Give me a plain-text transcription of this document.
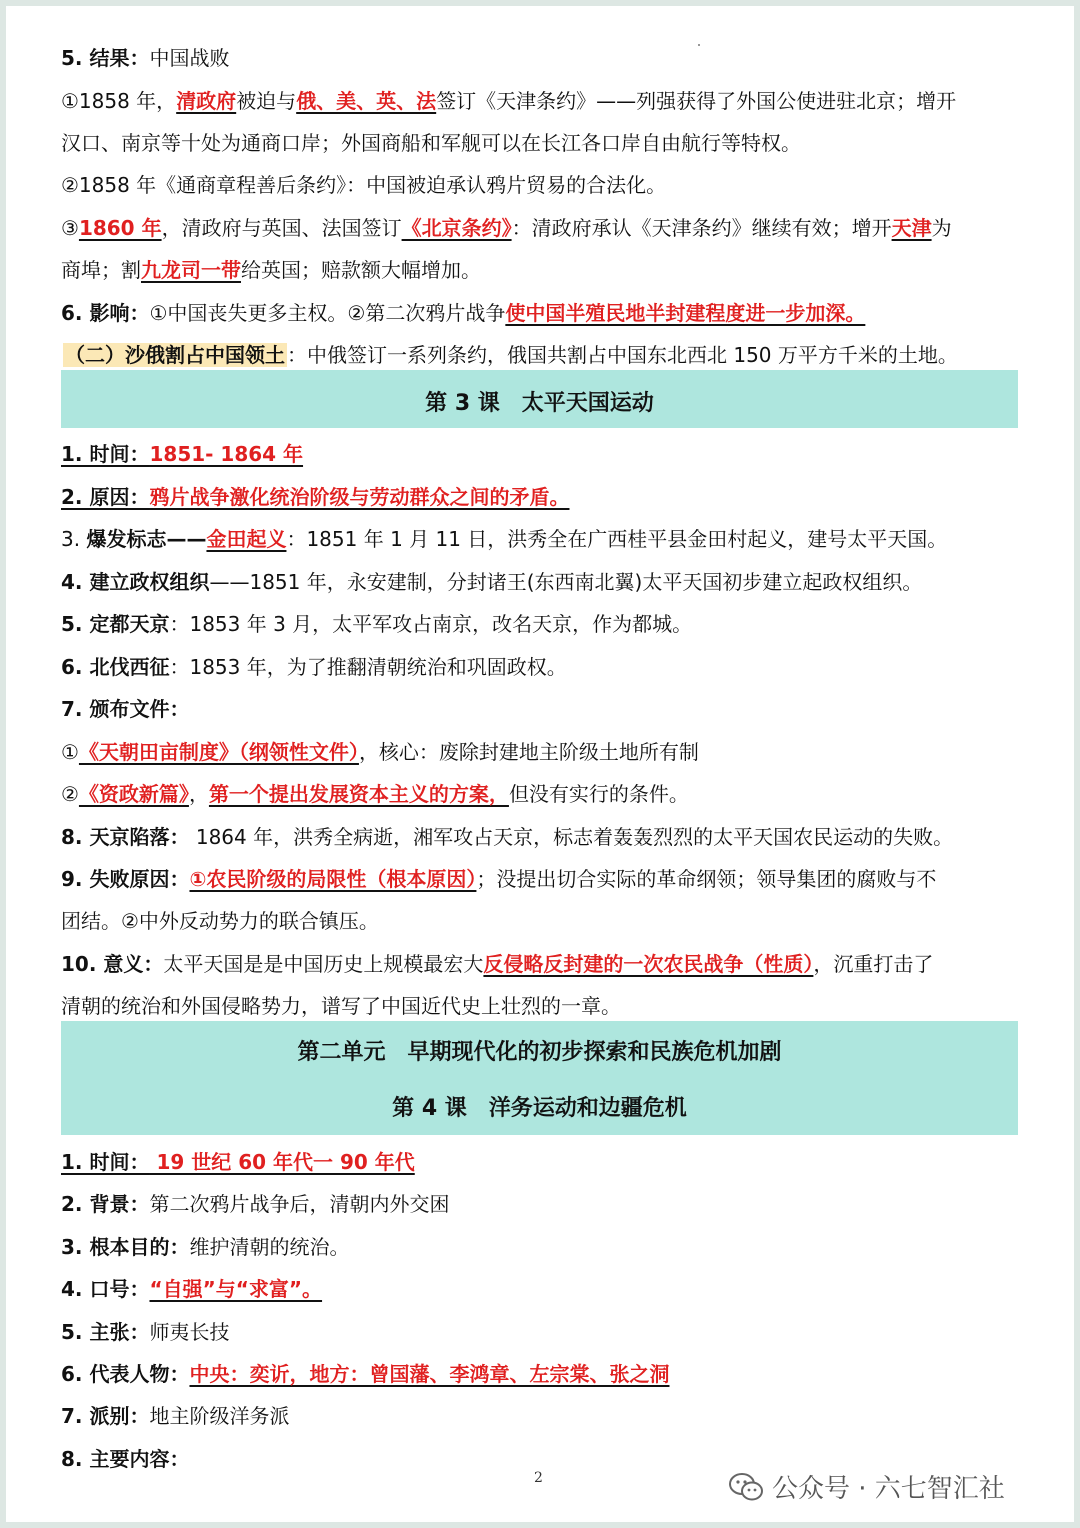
5. 结果：中国战败
①1858 年，清政府被迫与俄、美、英、法签订《天津条约》——列强获得了外国公使进驻北京；增开
汉口、南京等十处为通商口岸；外国商船和军舰可以在长江各口岸自由航行等特权。
②1858 年《通商章程善后条约》：中国被迫承认鸦片贸易的合法化。
③1860 年，清政府与英国、法国签订《北京条约》：清政府承认《天津条约》继续有效；增开天津为
商埠；割九龙司一带给英国；赔款额大幅增加。
6. 影响：①中国丧失更多主权。②第二次鸦片战争使中国半殖民地半封建程度进一步加深。
（二）沙俄割占中国领土 ：中俄签订一系列条约，俄国共割占中国东北西北 150 万平方千米的土地。
第 3 课　太平天国运动
1. 时间：1851- 1864 年
2. 原因：鸦片战争激化统治阶级与劳动群众之间的矛盾。
3. 爆发标志——金田起义：1851 年 1 月 11 日，洪秀全在广西桂平县金田村起义，建号太平天国。
4. 建立政权组织——1851 年，永安建制，分封诸王(东西南北翼)太平天国初步建立起政权组织。
5. 定都天京：1853 年 3 月，太平军攻占南京，改名天京，作为都城。
6. 北伐西征：1853 年，为了推翻清朝统治和巩固政权。
7. 颁布文件：
①《天朝田亩制度》（纲领性文件），核心：废除封建地主阶级土地所有制
②《资政新篇》，第一个提出发展资本主义的方案，但没有实行的条件。
8. 天京陷落： 1864 年，洪秀全病逝，湘军攻占天京，标志着轰轰烈烈的太平天国农民运动的失败。
9. 失败原因：①农民阶级的局限性（根本原因）；没提出切合实际的革命纲领；领导集团的腐败与不
团结。②中外反动势力的联合镇压。
10. 意义：太平天国是是中国历史上规模最宏大反侵略反封建的一次农民战争（性质），沉重打击了
清朝的统治和外国侵略势力，谱写了中国近代史上壮烈的一章。
第二单元　早期现代化的初步探索和民族危机加剧
第 4 课　洋务运动和边疆危机
1. 时间： 19 世纪 60 年代一 90 年代
2. 背景：第二次鸦片战争后，清朝内外交困
3. 根本目的：维护清朝的统治。
4. 口号：“自强”与“求富”。
5. 主张：师夷长技
6. 代表人物：中央：奕䜣，地方：曾国藩、李鸿章、左宗棠、张之洞
7. 派别：地主阶级洋务派
8. 主要内容：
2	公众号 · 六七智汇社
